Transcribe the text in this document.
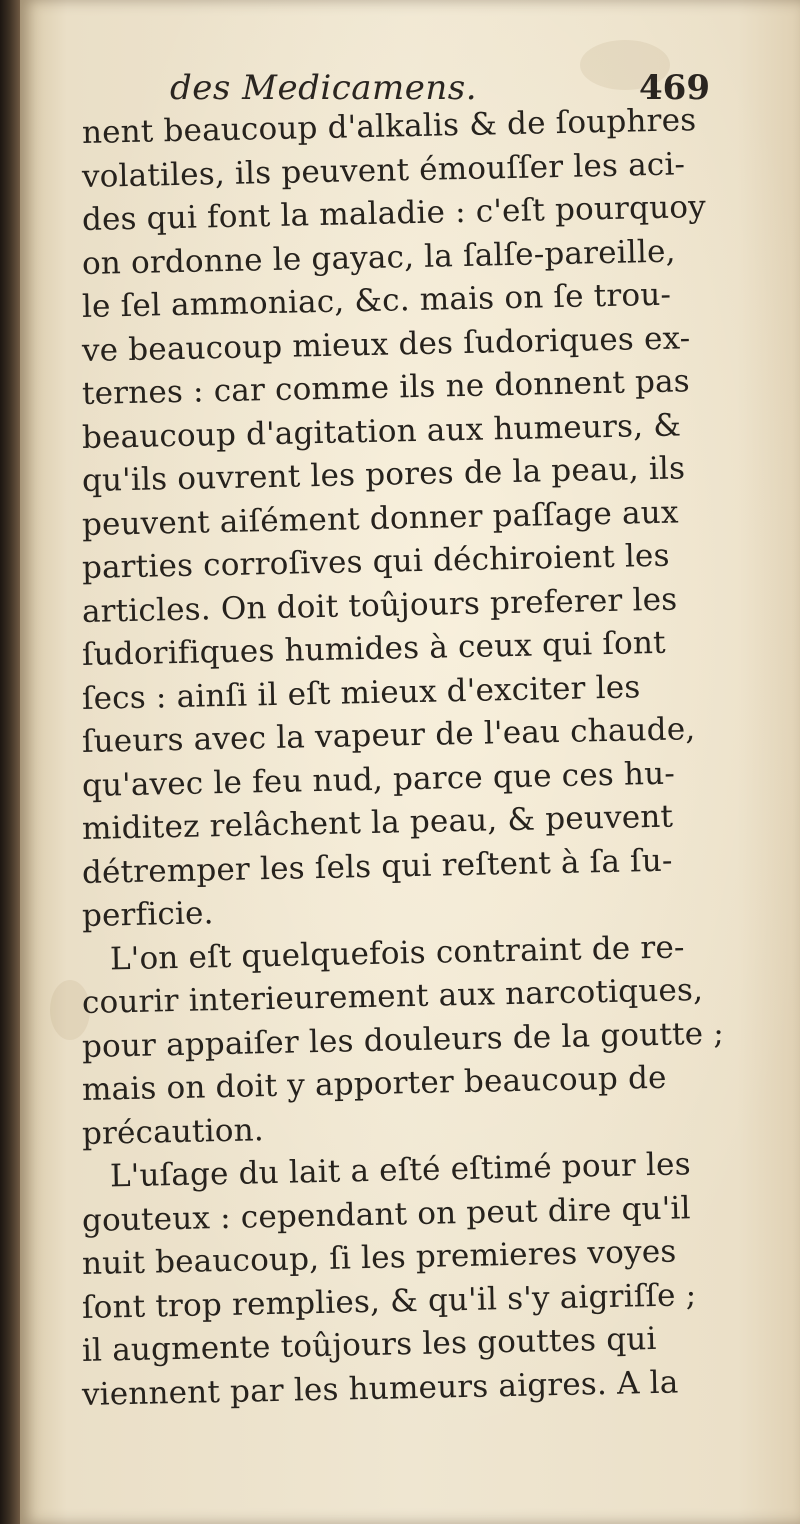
des Medicamens.	469
nent beaucoup d'alkalis & de ſouphres
volatiles, ils peuvent émouſſer les aci-
des qui font la maladie : c'eſt pourquoy
on ordonne le gayac, la ſalſe-pareille,
le ſel ammoniac, &c. mais on ſe trou-
ve beaucoup mieux des ſudoriques ex-
ternes : car comme ils ne donnent pas
beaucoup d'agitation aux humeurs, &
qu'ils ouvrent les pores de la peau, ils
peuvent aiſément donner paſſage aux
parties corroſives qui déchiroient les
articles. On doit toûjours preferer les
ſudorifiques humides à ceux qui ſont
ſecs : ainſi il eſt mieux d'exciter les
ſueurs avec la vapeur de l'eau chaude,
qu'avec le feu nud, parce que ces hu-
miditez relâchent la peau, & peuvent
détremper les ſels qui reſtent à ſa ſu-
perficie.
L'on eſt quelquefois contraint de re-
courir interieurement aux narcotiques,
pour appaiſer les douleurs de la goutte ;
mais on doit y apporter beaucoup de
précaution.
L'uſage du lait a eſté eſtimé pour les
gouteux : cependant on peut dire qu'il
nuit beaucoup, ſi les premieres voyes
ſont trop remplies, & qu'il s'y aigriſſe ;
il augmente toûjours les gouttes qui
viennent par les humeurs aigres. A la
